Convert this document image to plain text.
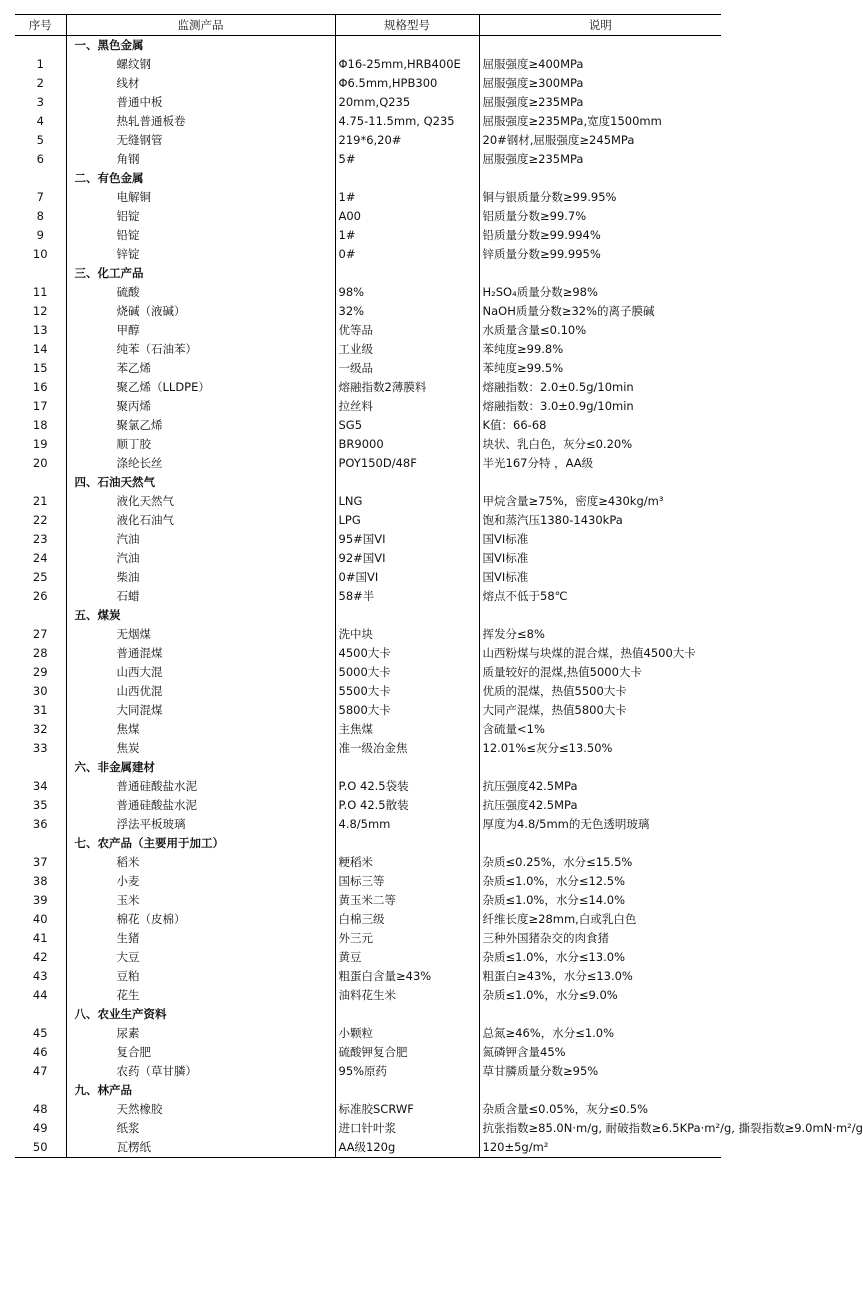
序号	监测产品	规格型号	说明
	一、黑色金属		
1	螺纹钢	Φ16-25mm,HRB400E	屈服强度≥400MPa
2	线材	Φ6.5mm,HPB300	屈服强度≥300MPa
3	普通中板	20mm,Q235	屈服强度≥235MPa
4	热轧普通板卷	4.75-11.5mm, Q235	屈服强度≥235MPa,宽度1500mm
5	无缝钢管	219*6,20#	20#钢材,屈服强度≥245MPa
6	角钢	5#	屈服强度≥235MPa
	二、有色金属		
7	电解铜	1#	铜与银质量分数≥99.95%
8	铝锭	A00	铝质量分数≥99.7%
9	铅锭	1#	铅质量分数≥99.994%
10	锌锭	0#	锌质量分数≥99.995%
	三、化工产品		
11	硫酸	98%	H₂SO₄质量分数≥98%
12	烧碱（液碱）	32%	NaOH质量分数≥32%的离子膜碱
13	甲醇	优等品	水质量含量≤0.10%
14	纯苯（石油苯）	工业级	苯纯度≥99.8%
15	苯乙烯	一级品	苯纯度≥99.5%
16	聚乙烯（LLDPE）	熔融指数2薄膜料	熔融指数：2.0±0.5g/10min
17	聚丙烯	拉丝料	熔融指数：3.0±0.9g/10min
18	聚氯乙烯	SG5	K值：66-68
19	顺丁胶	BR9000	块状、乳白色，灰分≤0.20%
20	涤纶长丝	POY150D/48F	半光167分特 ，AA级
	四、石油天然气		
21	液化天然气	LNG	甲烷含量≥75%，密度≥430kg/m³
22	液化石油气	LPG	饱和蒸汽压1380-1430kPa
23	汽油	95#国VI	国VI标准
24	汽油	92#国VI	国VI标准
25	柴油	0#国VI	国VI标准
26	石蜡	58#半	熔点不低于58℃
	五、煤炭		
27	无烟煤	洗中块	挥发分≤8%
28	普通混煤	4500大卡	山西粉煤与块煤的混合煤，热值4500大卡
29	山西大混	5000大卡	质量较好的混煤,热值5000大卡
30	山西优混	5500大卡	优质的混煤，热值5500大卡
31	大同混煤	5800大卡	大同产混煤，热值5800大卡
32	焦煤	主焦煤	含硫量<1%
33	焦炭	准一级冶金焦	12.01%≤灰分≤13.50%
	六、非金属建材		
34	普通硅酸盐水泥	P.O 42.5袋装	抗压强度42.5MPa
35	普通硅酸盐水泥	P.O 42.5散装	抗压强度42.5MPa
36	浮法平板玻璃	4.8/5mm	厚度为4.8/5mm的无色透明玻璃
	七、农产品（主要用于加工）		
37	稻米	粳稻米	杂质≤0.25%，水分≤15.5%
38	小麦	国标三等	杂质≤1.0%，水分≤12.5%
39	玉米	黄玉米二等	杂质≤1.0%，水分≤14.0%
40	棉花（皮棉）	白棉三级	纤维长度≥28mm,白或乳白色
41	生猪	外三元	三种外国猪杂交的肉食猪
42	大豆	黄豆	杂质≤1.0%，水分≤13.0%
43	豆粕	粗蛋白含量≥43%	粗蛋白≥43%，水分≤13.0%
44	花生	油料花生米	杂质≤1.0%，水分≤9.0%
	八、农业生产资料		
45	尿素	小颗粒	总氮≥46%，水分≤1.0%
46	复合肥	硫酸钾复合肥	氮磷钾含量45%
47	农药（草甘膦）	95%原药	草甘膦质量分数≥95%
	九、林产品		
48	天然橡胶	标准胶SCRWF	杂质含量≤0.05%，灰分≤0.5%
49	纸浆	进口针叶浆	抗张指数≥85.0N·m/g, 耐破指数≥6.5KPa·m²/g, 撕裂指数≥9.0mN·m²/g
50	瓦楞纸	AA级120g	120±5g/m²
